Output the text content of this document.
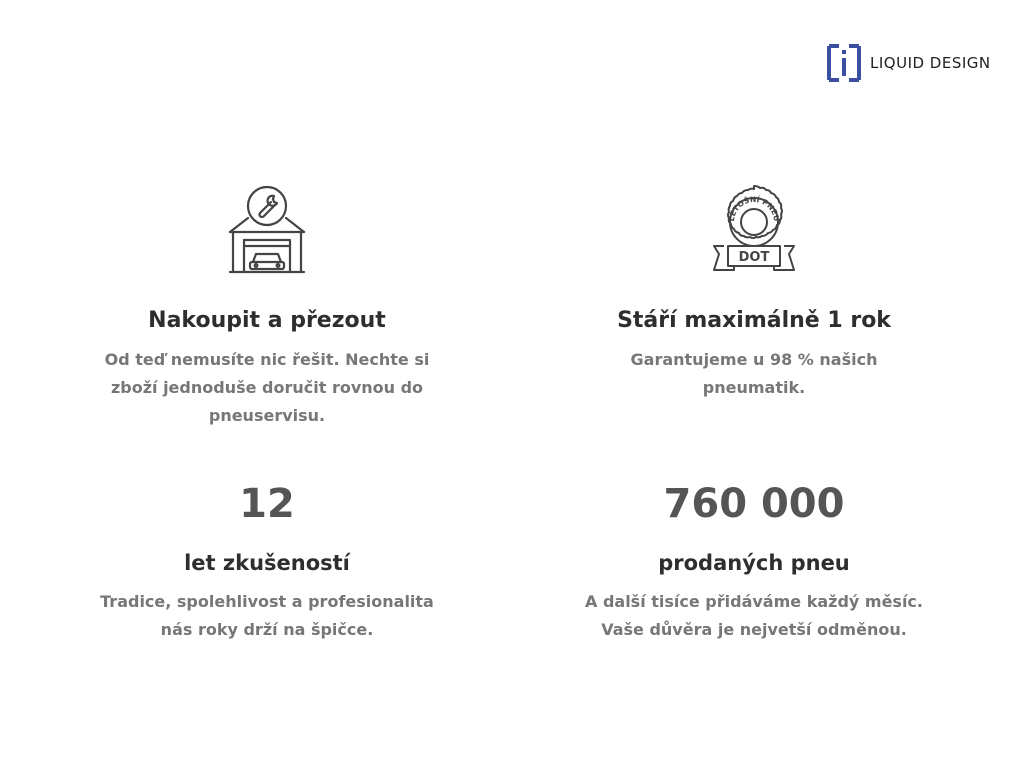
LIQUID DESIGN
Nakoupit a přezout

Od teď nemusíte nic řešit. Nechte si
zboží jednoduše doručit rovnou do
pneuservisu.

LETOŠNÍ PNEU
DOT
Stáří maximálně 1 rok

Garantujeme u 98 % našich
pneumatik.

12
let zkušeností

Tradice, spolehlivost a profesionalita
nás roky drží na špičce.

760 000
prodaných pneu

A další tisíce přidáváme každý měsíc.
Vaše důvěra je nejvetší odměnou.
